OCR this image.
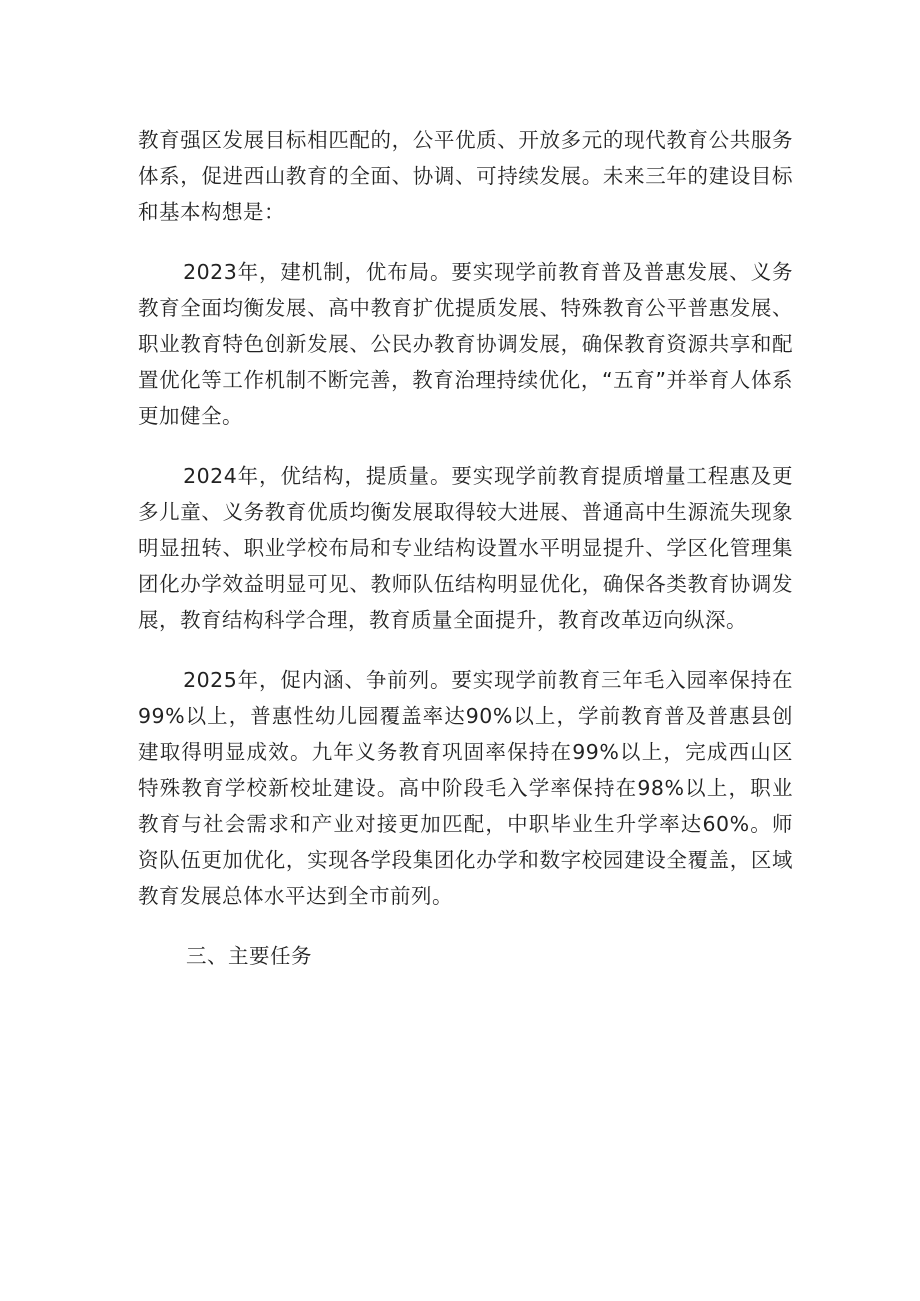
教育强区发展目标相匹配的，公平优质、开放多元的现代教育公共服务体系，促进西山教育的全面、协调、可持续发展。未来三年的建设目标和基本构想是：

2023年，建机制，优布局。要实现学前教育普及普惠发展、义务教育全面均衡发展、高中教育扩优提质发展、特殊教育公平普惠发展、职业教育特色创新发展、公民办教育协调发展，确保教育资源共享和配置优化等工作机制不断完善，教育治理持续优化，“五育”并举育人体系更加健全。

2024年，优结构，提质量。要实现学前教育提质增量工程惠及更多儿童、义务教育优质均衡发展取得较大进展、普通高中生源流失现象明显扭转、职业学校布局和专业结构设置水平明显提升、学区化管理集团化办学效益明显可见、教师队伍结构明显优化，确保各类教育协调发展，教育结构科学合理，教育质量全面提升，教育改革迈向纵深。

2025年，促内涵、争前列。要实现学前教育三年毛入园率保持在99%以上，普惠性幼儿园覆盖率达90%以上，学前教育普及普惠县创建取得明显成效。九年义务教育巩固率保持在99%以上，完成西山区特殊教育学校新校址建设。高中阶段毛入学率保持在98%以上，职业教育与社会需求和产业对接更加匹配，中职毕业生升学率达60%。师资队伍更加优化，实现各学段集团化办学和数字校园建设全覆盖，区域教育发展总体水平达到全市前列。

三、主要任务
